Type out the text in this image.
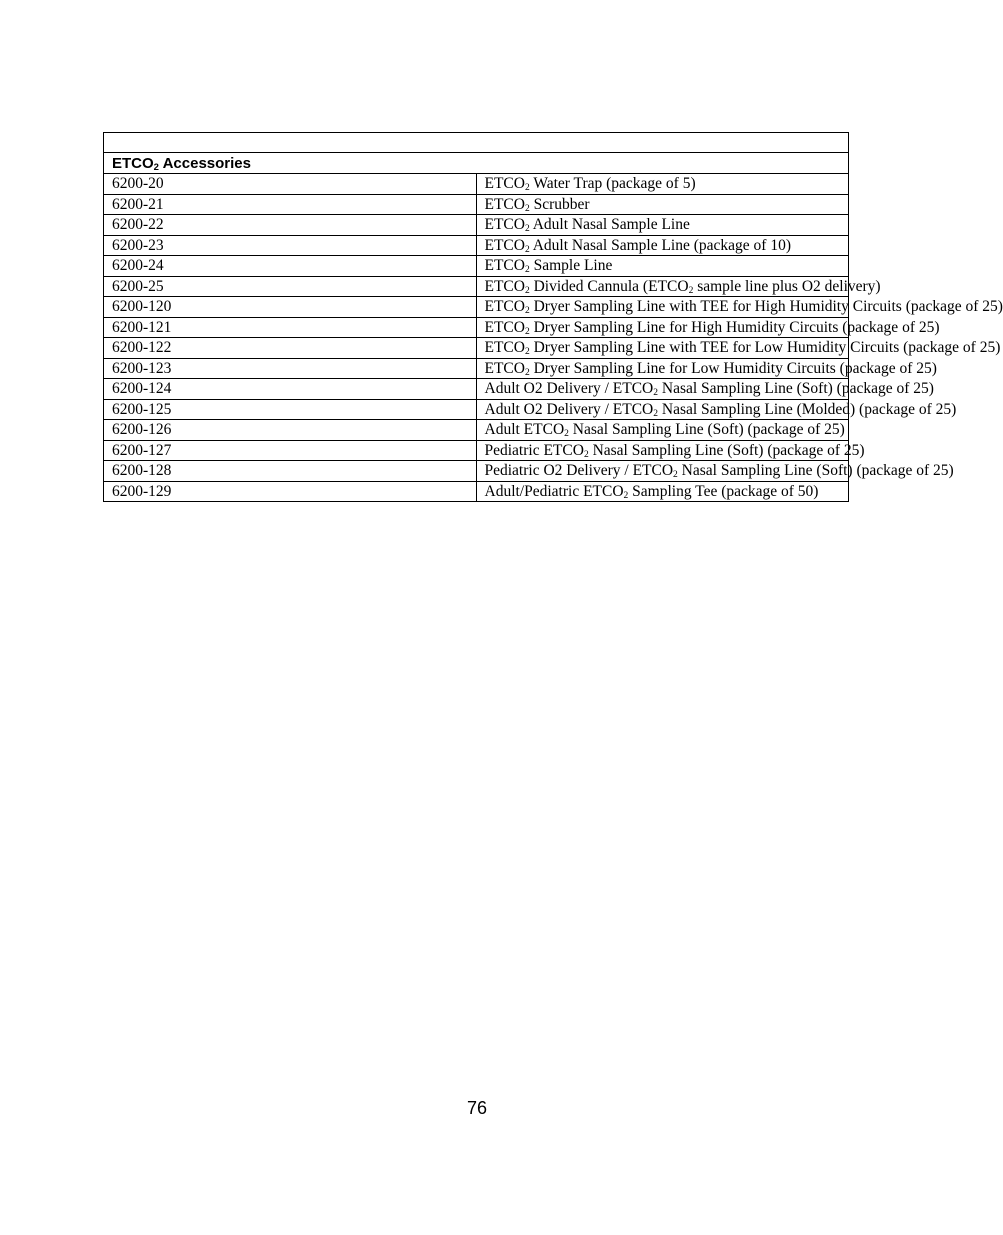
$ETCO_2$ Accessories	
6200-20	$ETCO_2$ Water Trap (package of 5)
6200-21	$ETCO_2$ Scrubber
6200-22	$ETCO_2$ Adult Nasal Sample Line
6200-23	$ETCO_2$ Adult Nasal Sample Line (package of 10)
6200-24	$ETCO_2$ Sample Line
6200-25	$ETCO_2$ Divided Cannula ($ETCO_2$ sample line plus O2 delivery)
6200-120	$ETCO_2$ Dryer Sampling Line with TEE for High Humidity Circuits (package of 25)
6200-121	$ETCO_2$ Dryer Sampling Line for High Humidity Circuits (package of 25)
6200-122	$ETCO_2$ Dryer Sampling Line with TEE for Low Humidity Circuits (package of 25)
6200-123	$ETCO_2$ Dryer Sampling Line for Low Humidity Circuits (package of 25)
6200-124	Adult O2 Delivery / $ETCO_2$ Nasal Sampling Line (Soft) (package of 25)
6200-125	Adult O2 Delivery / $ETCO_2$ Nasal Sampling Line (Molded) (package of 25)
6200-126	Adult $ETCO_2$ Nasal Sampling Line (Soft) (package of 25)
6200-127	Pediatric $ETCO_2$ Nasal Sampling Line (Soft) (package of 25)
6200-128	Pediatric O2 Delivery / $ETCO_2$ Nasal Sampling Line (Soft) (package of 25)
6200-129	Adult/Pediatric $ETCO_2$ Sampling Tee (package of 50)
76
